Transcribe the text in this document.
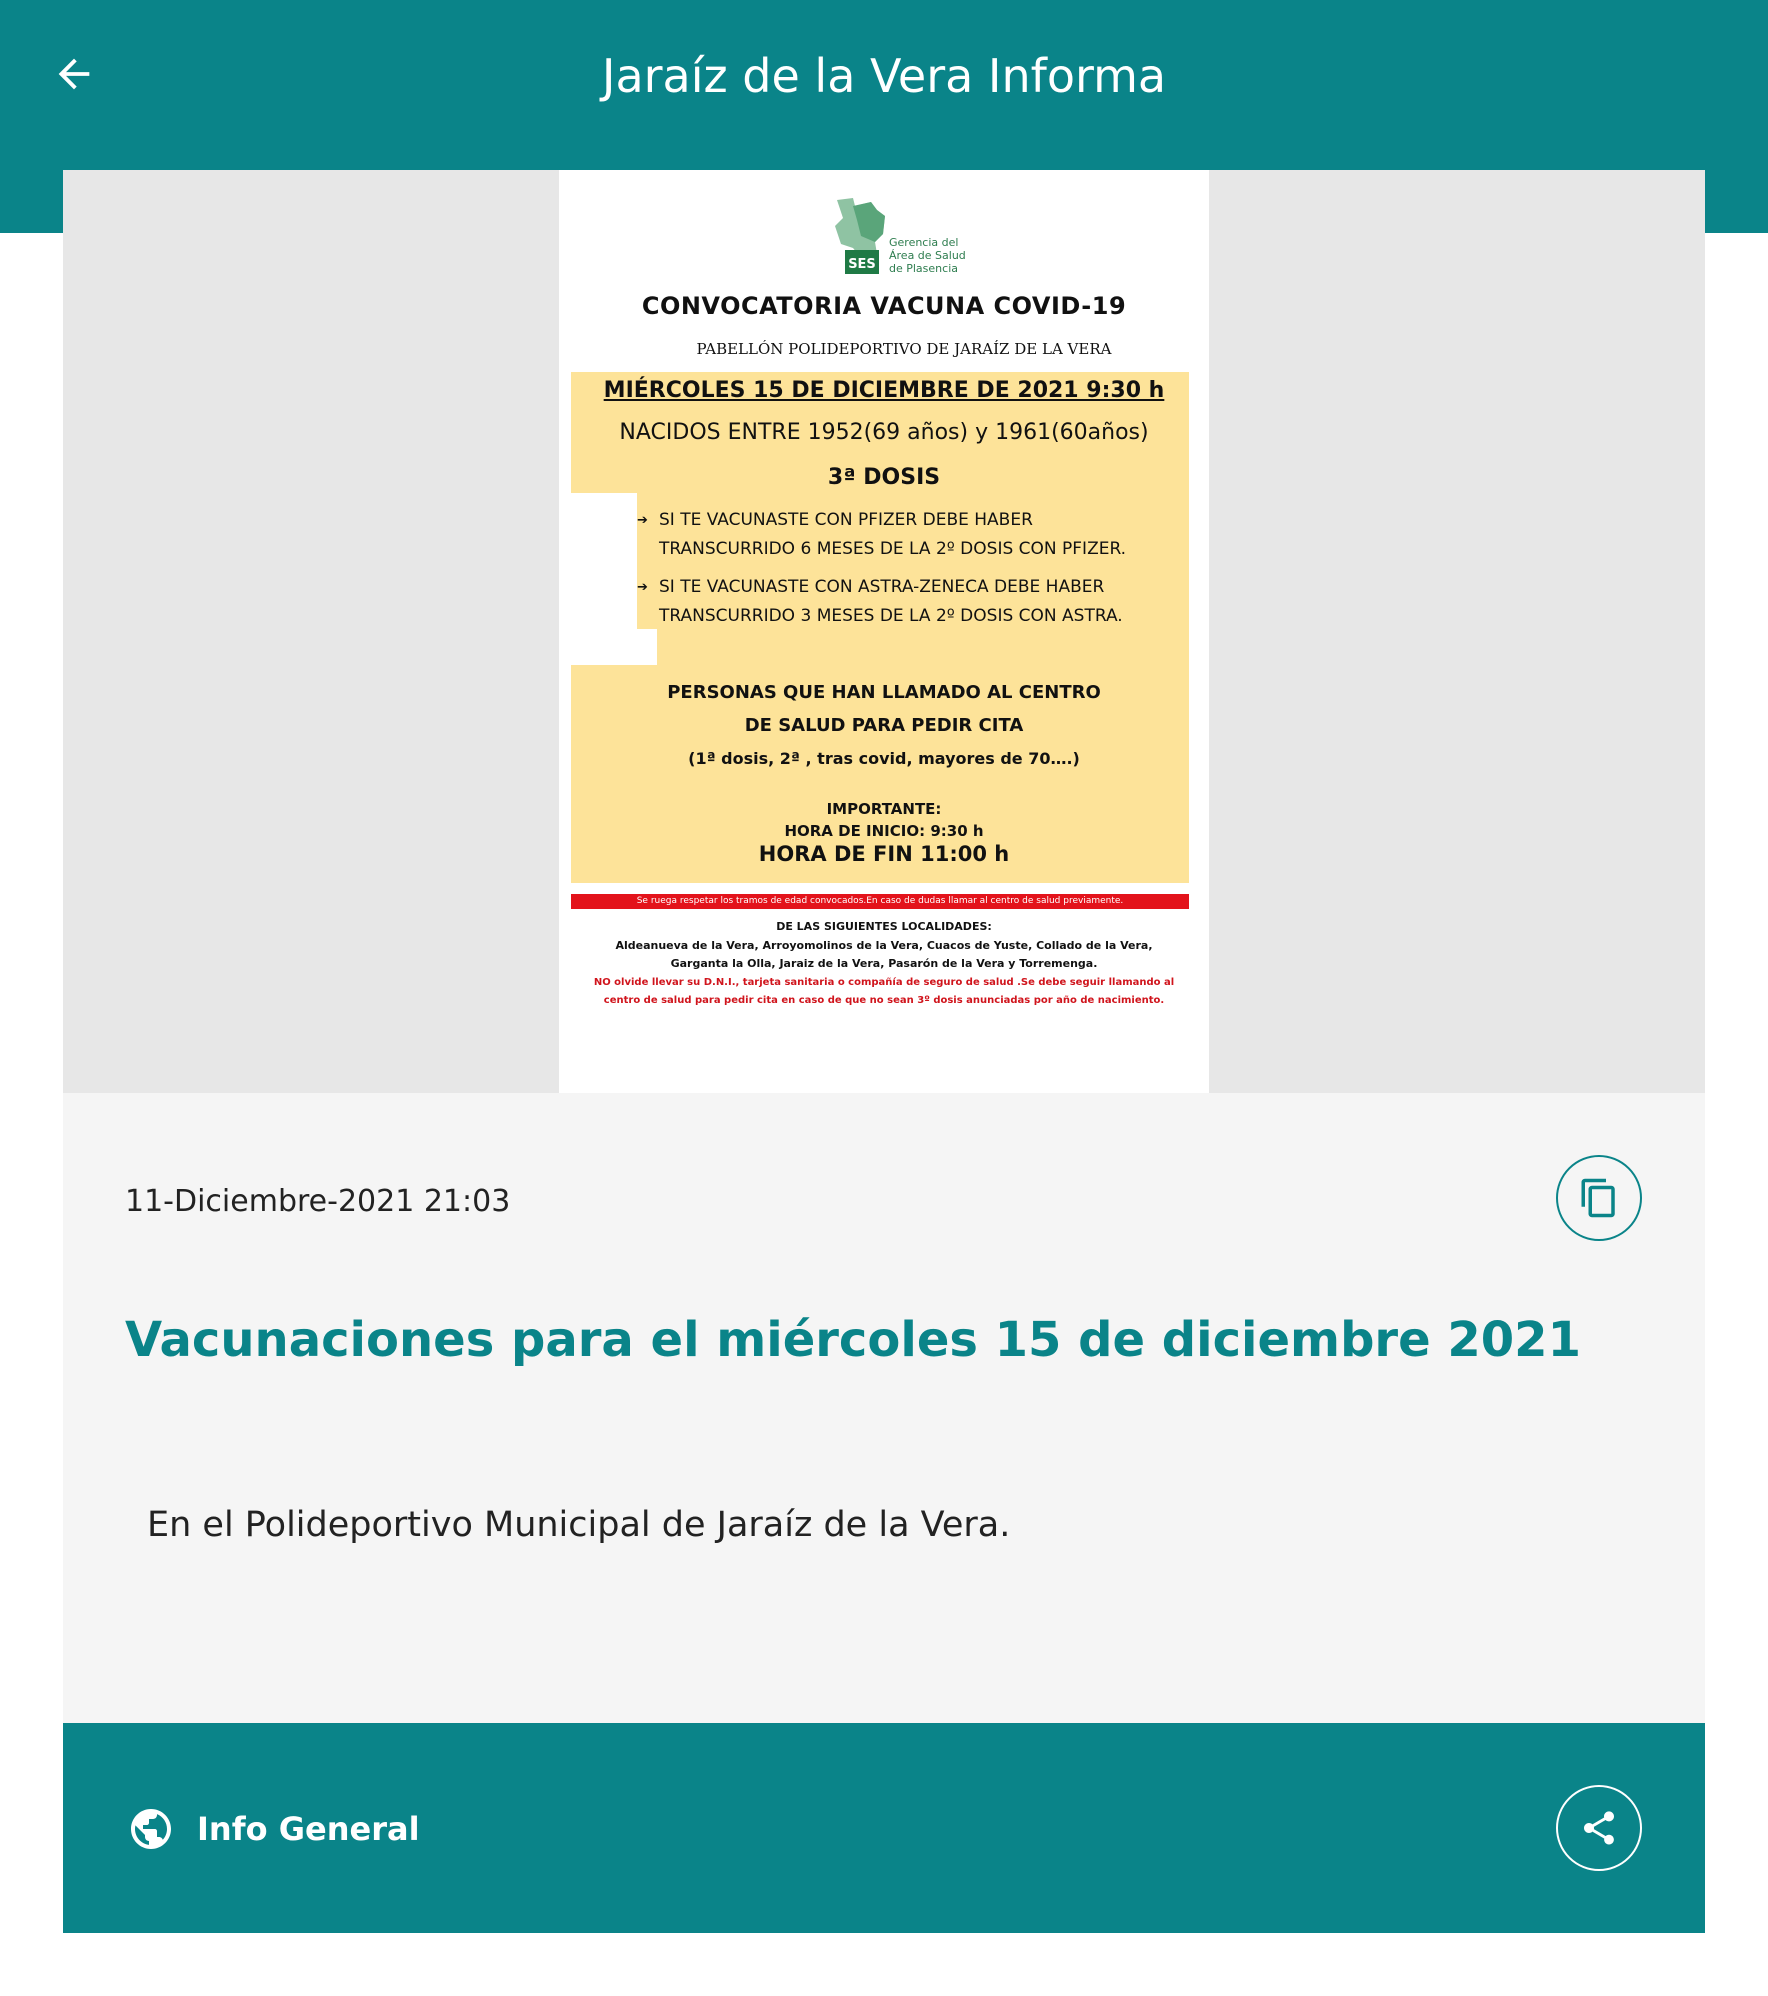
Jaraíz de la Vera Informa
SES
Gerencia del
Área de Salud
de Plasencia
CONVOCATORIA VACUNA COVID-19
PABELLÓN POLIDEPORTIVO DE JARAÍZ DE LA VERA
MIÉRCOLES 15 DE DICIEMBRE DE 2021 9:30 h
NACIDOS ENTRE 1952(69 años) y 1961(60años)
3ª DOSIS
➔ SI TE VACUNASTE CON PFIZER DEBE HABER
TRANSCURRIDO 6 MESES DE LA 2º DOSIS CON PFIZER.
➔ SI TE VACUNASTE CON ASTRA-ZENECA DEBE HABER
TRANSCURRIDO 3 MESES DE LA 2º DOSIS CON ASTRA.
PERSONAS QUE HAN LLAMADO AL CENTRO
DE SALUD PARA PEDIR CITA
(1ª dosis, 2ª , tras covid, mayores de 70….)
IMPORTANTE:
HORA DE INICIO: 9:30 h
HORA DE FIN 11:00 h
Se ruega respetar los tramos de edad convocados.En caso de dudas llamar al centro de salud previamente.
DE LAS SIGUIENTES LOCALIDADES:
Aldeanueva de la Vera, Arroyomolinos de la Vera, Cuacos de Yuste, Collado de la Vera,
Garganta la Olla, Jaraiz de la Vera, Pasarón de la Vera y Torremenga.
NO olvide llevar su D.N.I., tarjeta sanitaria o compañía de seguro de salud .Se debe seguir llamando al
centro de salud para pedir cita en caso de que no sean 3º dosis anunciadas por año de nacimiento.
11-Diciembre-2021 21:03
Vacunaciones para el miércoles 15 de diciembre 2021

En el Polideportivo Municipal de Jaraíz de la Vera.

Info General
